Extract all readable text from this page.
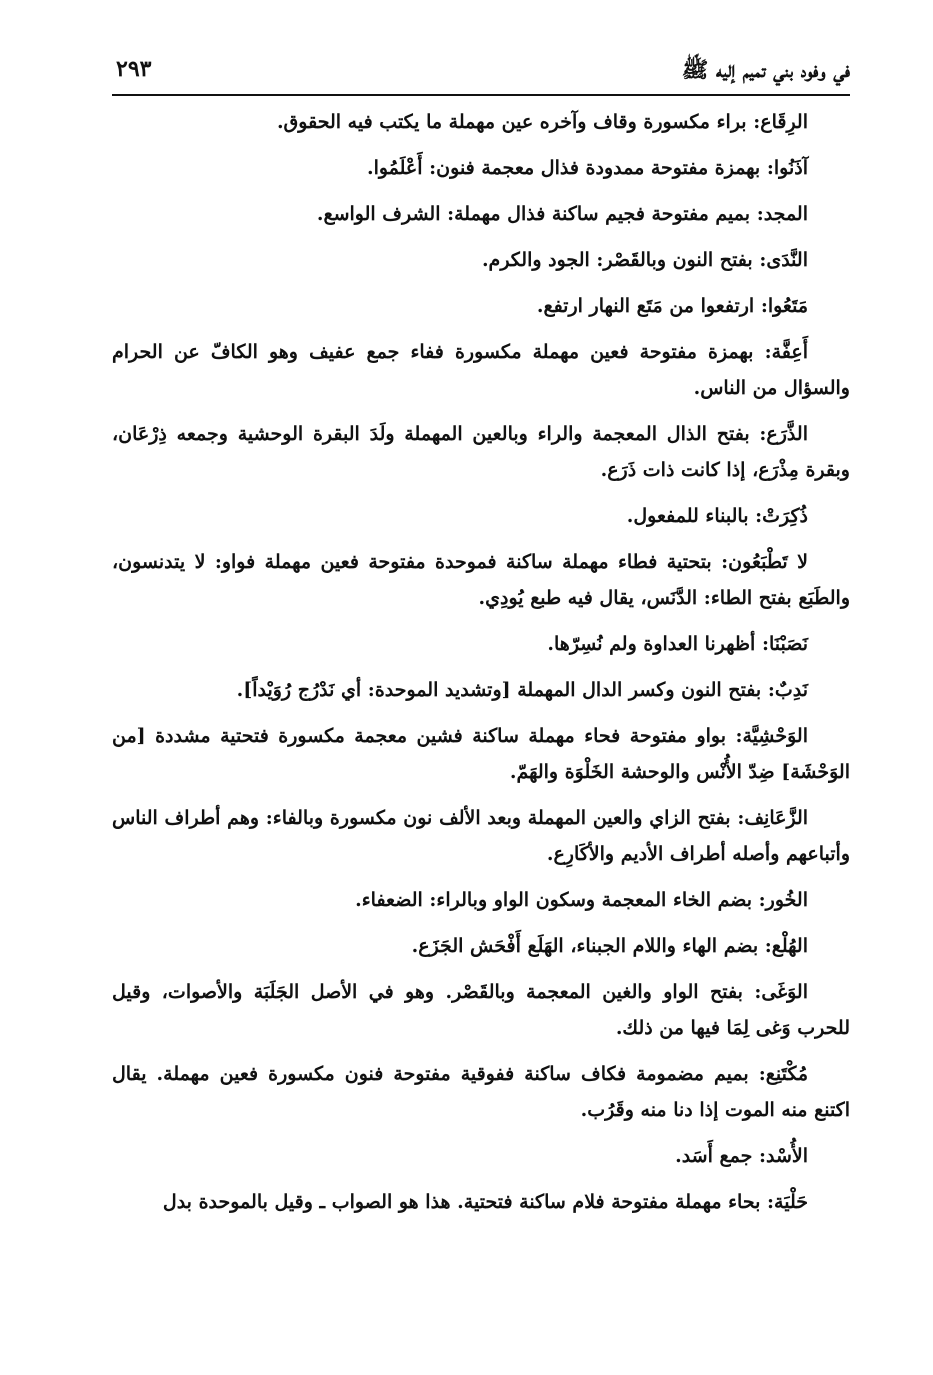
في وفود بني تميم إليه ﷺ
٢٩٣

الرِقَاع: براء مكسورة وقاف وآخره عين مهملة ما يكتب فيه الحقوق.

آذَنُوا: بهمزة مفتوحة ممدودة فذال معجمة فنون: أَعْلَمُوا.

المجد: بميم مفتوحة فجيم ساكنة فذال مهملة: الشرف الواسع.

النَّدَى: بفتح النون وبالقَصْر: الجود والكرم.

مَتَعُوا: ارتفعوا من مَتَع النهار ارتفع.

أَعِفَّة: بهمزة مفتوحة فعين مهملة مكسورة ففاء جمع عفيف وهو الكافّ عن الحرام والسؤال من الناس.

الذَّرَع: بفتح الذال المعجمة والراء وبالعين المهملة ولَدَ البقرة الوحشية وجمعه ذِرْعَان، وبقرة مِذْرَع، إذا كانت ذات ذَرَع.

ذُكِرَتْ: بالبناء للمفعول.

لا تَطْبَعُون: بتحتية فطاء مهملة ساكنة فموحدة مفتوحة فعين مهملة فواو: لا يتدنسون، والطَبَع بفتح الطاء: الدَّنَس، يقال فيه طبع يُودِي.

نَصَبْنَا: أظهرنا العداوة ولم نُسِرّها.

نَدِبٌ: بفتح النون وكسر الدال المهملة [وتشديد الموحدة: أي نَدْرُج رُوَيْداً].

الوَحْشِيَّة: بواو مفتوحة فحاء مهملة ساكنة فشين معجمة مكسورة فتحتية مشددة [من الوَحْشَة] ضِدّ الأُنْس والوحشة الخَلْوَة والهَمّ.

الزَّعَانِف: بفتح الزاي والعين المهملة وبعد الألف نون مكسورة وبالفاء: وهم أطراف الناس وأتباعهم وأصله أطراف الأديم والأكَارِع.

الخُور: بضم الخاء المعجمة وسكون الواو وبالراء: الضعفاء.

الهُلْع: بضم الهاء واللام الجبناء، الهَلَع أَفْحَش الجَزَع.

الوَغَى: بفتح الواو والغين المعجمة وبالقَصْر. وهو في الأصل الجَلَبَة والأصوات، وقيل للحرب وَغى لِمَا فيها من ذلك.

مُكْتَنِع: بميم مضمومة فكاف ساكنة ففوقية مفتوحة فنون مكسورة فعين مهملة. يقال اكتنع منه الموت إذا دنا منه وقَرُب.

الأُسْد: جمع أَسَد.

حَلْيَة: بحاء مهملة مفتوحة فلام ساكنة فتحتية. هذا هو الصواب ـ وقيل بالموحدة بدل
